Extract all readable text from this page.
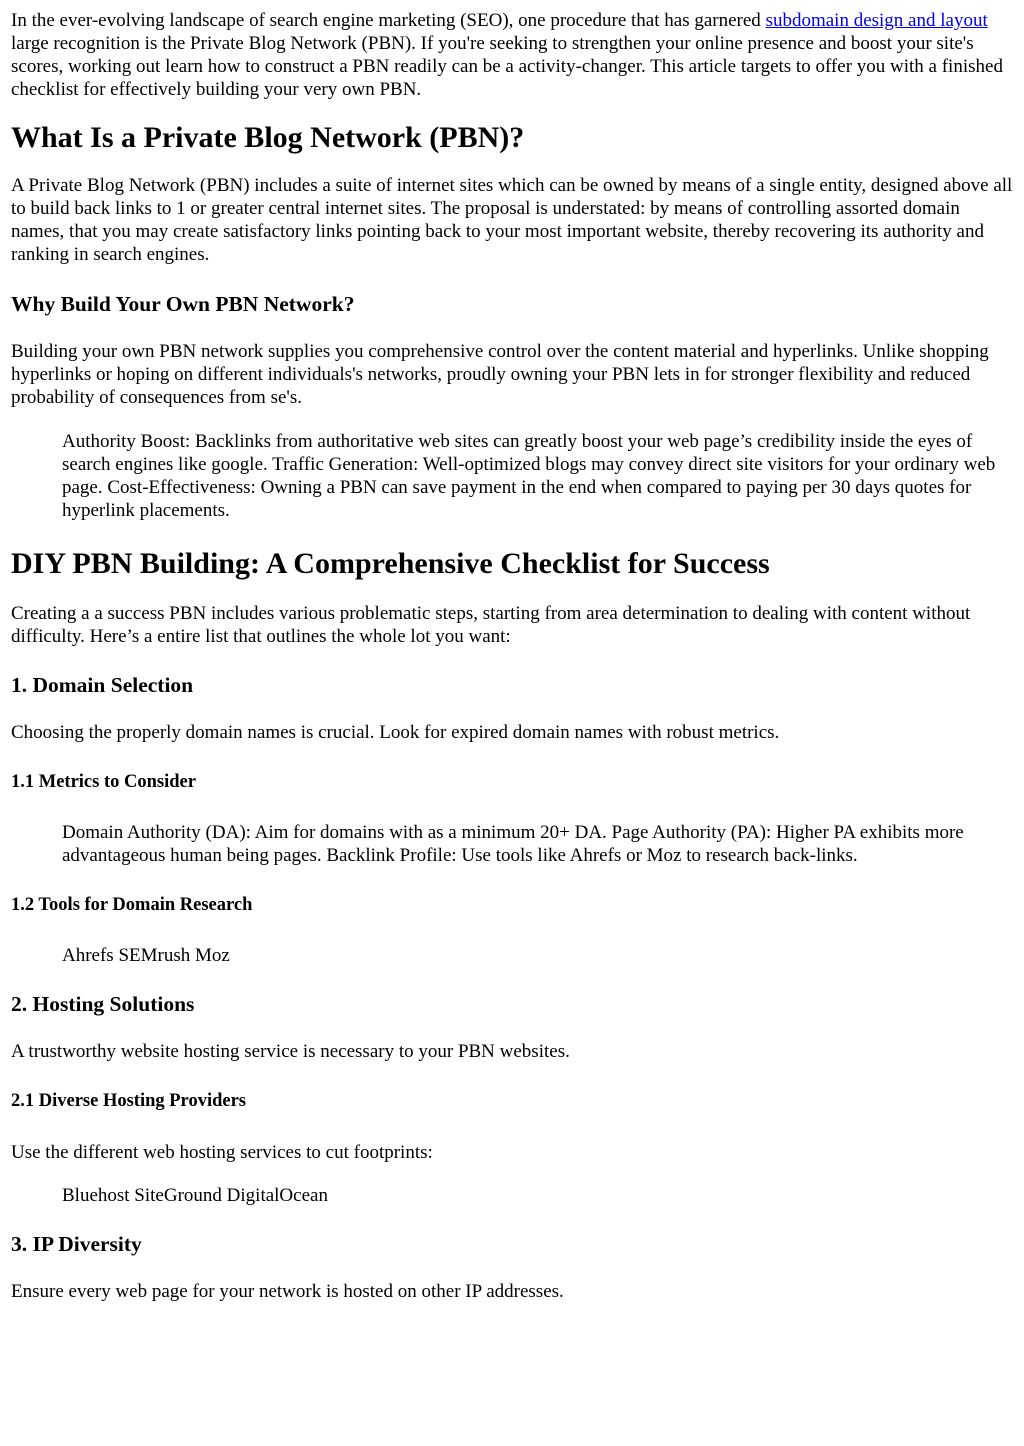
In the ever-evolving landscape of search engine marketing (SEO), one procedure that has garnered subdomain design and layout large recognition is the Private Blog Network (PBN). If you're seeking to strengthen your online presence and boost your site's scores, working out learn how to construct a PBN readily can be a activity-changer. This article targets to offer you with a finished checklist for effectively building your very own PBN.

What Is a Private Blog Network (PBN)?

A Private Blog Network (PBN) includes a suite of internet sites which can be owned by means of a single entity, designed above all to build back links to 1 or greater central internet sites. The proposal is understated: by means of controlling assorted domain names, that you may create satisfactory links pointing back to your most important website, thereby recovering its authority and ranking in search engines.

Why Build Your Own PBN Network?

Building your own PBN network supplies you comprehensive control over the content material and hyperlinks. Unlike shopping hyperlinks or hoping on different individuals's networks, proudly owning your PBN lets in for stronger flexibility and reduced probability of consequences from se's.

Authority Boost: Backlinks from authoritative web sites can greatly boost your web page’s credibility inside the eyes of search engines like google. Traffic Generation: Well-optimized blogs may convey direct site visitors for your ordinary web page. Cost-Effectiveness: Owning a PBN can save payment in the end when compared to paying per 30 days quotes for hyperlink placements.

DIY PBN Building: A Comprehensive Checklist for Success

Creating a a success PBN includes various problematic steps, starting from area determination to dealing with content without difficulty. Here’s a entire list that outlines the whole lot you want:

1. Domain Selection

Choosing the properly domain names is crucial. Look for expired domain names with robust metrics.

1.1 Metrics to Consider

Domain Authority (DA): Aim for domains with as a minimum 20+ DA. Page Authority (PA): Higher PA exhibits more advantageous human being pages. Backlink Profile: Use tools like Ahrefs or Moz to research back-links.

1.2 Tools for Domain Research

Ahrefs SEMrush Moz

2. Hosting Solutions

A trustworthy website hosting service is necessary to your PBN websites.

2.1 Diverse Hosting Providers

Use the different web hosting services to cut footprints:

Bluehost SiteGround DigitalOcean

3. IP Diversity

Ensure every web page for your network is hosted on other IP addresses.
